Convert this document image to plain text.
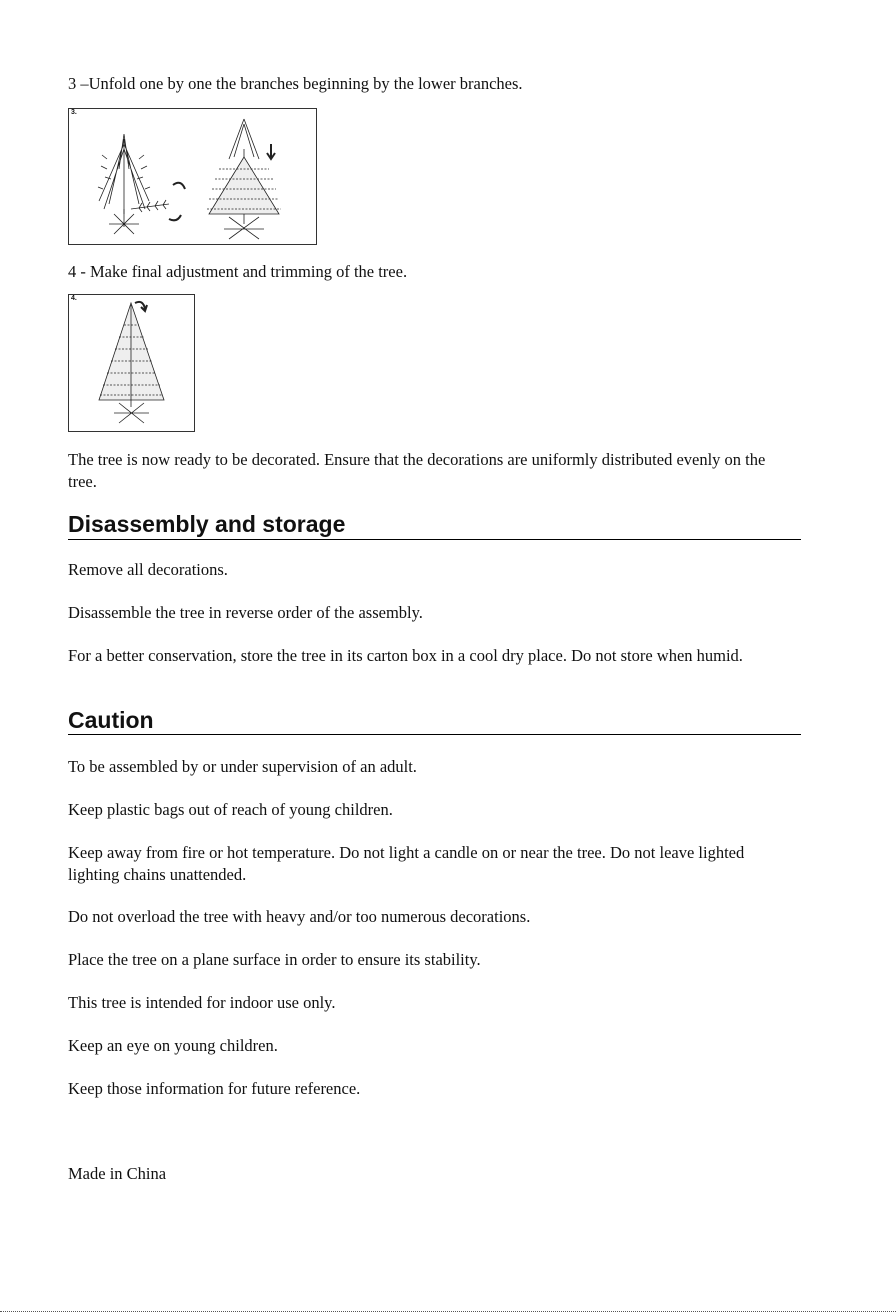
3 –Unfold one by one the branches beginning by the lower branches.

3.

4 - Make final adjustment and trimming of the tree.

4.

The tree is now ready to be decorated. Ensure that the decorations are uniformly distributed evenly on the tree.

Disassembly and storage

Remove all decorations.

Disassemble the tree in reverse order of the assembly.

For a better conservation, store the tree in its carton box in a cool dry place. Do not store when humid.

Caution

To be assembled by or under supervision of an adult.

Keep plastic bags out of reach of young children.

Keep away from fire or hot temperature. Do not light a candle on or near the tree. Do not leave lighted lighting chains unattended.

Do not overload the tree with heavy and/or too numerous decorations.

Place the tree on a plane surface in order to ensure its stability.

This tree is intended for indoor use only.

Keep an eye on young children.

Keep those information for future reference.

Made in China
